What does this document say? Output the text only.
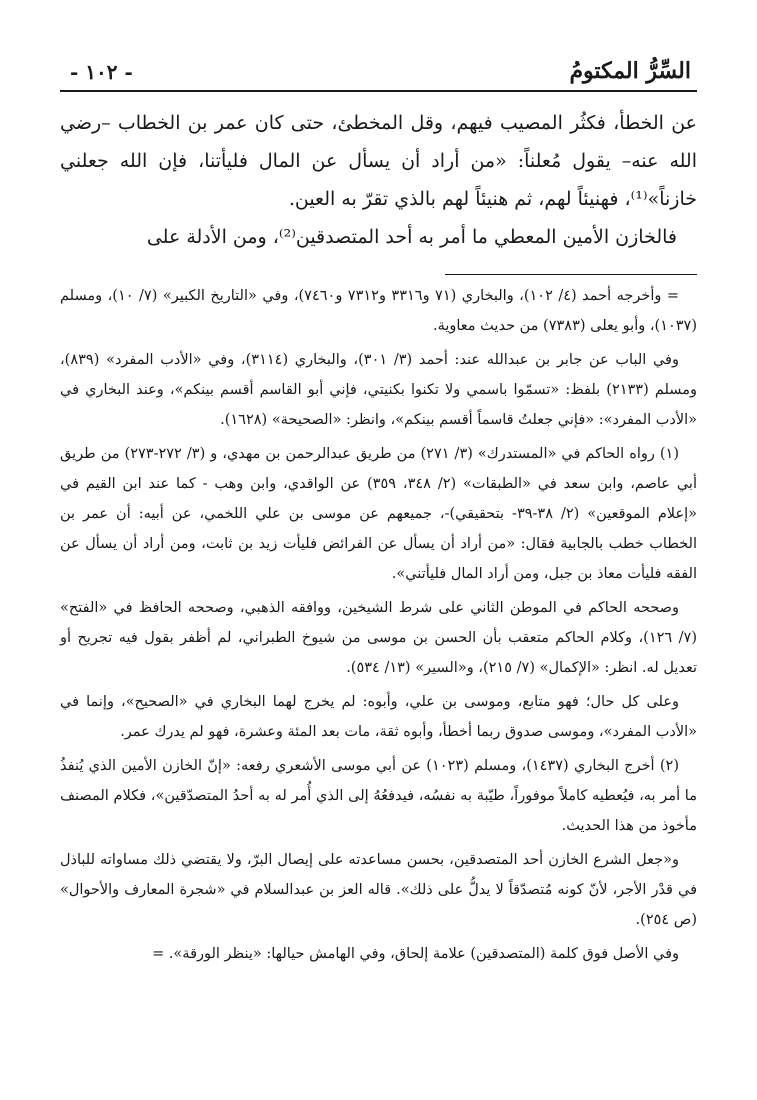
السِّرُّ المكتومُ
- ١٠٢ -

عن الخطأ، فكثُر المصيب فيهم، وقل المخطئ، حتى كان عمر بن الخطاب –رضي الله عنه– يقول مُعلناً: «من أراد أن يسأل عن المال فليأتنا، فإن الله جعلني خازناً»⁽¹⁾، فهنيئاً لهم، ثم هنيئاً لهم بالذي تقرّ به العين.

فالخازن الأمين المعطي ما أمر به أحد المتصدقين⁽²⁾، ومن الأدلة على

= وأخرجه أحمد (٤/ ١٠٢)، والبخاري (٧١ و٣٣١٦ و٧٣١٢ و٧٤٦٠)، وفي «التاريخ الكبير» (٧/ ١٠)، ومسلم (١٠٣٧)، وأبو يعلى (٧٣٨٣) من حديث معاوية.

وفي الباب عن جابر بن عبدالله عند: أحمد (٣/ ٣٠١)، والبخاري (٣١١٤)، وفي «الأدب المفرد» (٨٣٩)، ومسلم (٢١٣٣) بلفظ: «تسمّوا باسمي ولا تكنوا بكنيتي، فإني أبو القاسم أقسم بينكم»، وعند البخاري في «الأدب المفرد»: «فإني جعلتُ قاسماً أقسم بينكم»، وانظر: «الصحيحة» (١٦٢٨).

(١) رواه الحاكم في «المستدرك» (٣/ ٢٧١) من طريق عبدالرحمن بن مهدي، و (٣/ ٢٧٢-٢٧٣) من طريق أبي عاصم، وابن سعد في «الطبقات» (٢/ ٣٤٨، ٣٥٩) عن الواقدي، وابن وهب - كما عند ابن القيم في «إعلام الموقعين» (٢/ ٣٨-٣٩- بتحقيقي)-، جميعهم عن موسى بن علي اللخمي، عن أبيه: أن عمر بن الخطاب خطب بالجابية فقال: «من أراد أن يسأل عن الفرائض فليأت زيد بن ثابت، ومن أراد أن يسأل عن الفقه فليأت معاذ بن جبل، ومن أراد المال فليأتني».

وصححه الحاكم في الموطن الثاني على شرط الشيخين، ووافقه الذهبي، وصححه الحافظ في «الفتح» (٧/ ١٢٦)، وكلام الحاكم متعقب بأن الحسن بن موسى من شيوخ الطبراني، لم أظفر بقول فيه تجريح أو تعديل له. انظر: «الإكمال» (٧/ ٢١٥)، و«السير» (١٣/ ٥٣٤).

وعلى كل حال؛ فهو متابع، وموسى بن علي، وأبوه: لم يخرج لهما البخاري في «الصحيح»، وإنما في «الأدب المفرد»، وموسى صدوق ربما أخطأ، وأبوه ثقة، مات بعد المئة وعشرة، فهو لم يدرك عمر.

(٢) أخرج البخاري (١٤٣٧)، ومسلم (١٠٢٣) عن أبي موسى الأشعري رفعه: «إنّ الخازن الأمين الذي يُنفذُ ما أمر به، فيُعطيه كاملاً موفوراً، طيّبة به نفسُه، فيدفعُهُ إلى الذي أُمر له به أحدُ المتصدّقين»، فكلام المصنف مأخوذ من هذا الحديث.

و«جعل الشرع الخازن أحد المتصدقين، بحسن مساعدته على إيصال البرّ، ولا يقتضي ذلك مساواته للباذل في قدْر الأجر، لأنّ كونه مُتصدّقاً لا يدلُّ على ذلك». قاله العز بن عبدالسلام في «شجرة المعارف والأحوال» (ص ٢٥٤).

وفي الأصل فوق كلمة (المتصدقين) علامة إلحاق، وفي الهامش حيالها: «ينظر الورقة». =
